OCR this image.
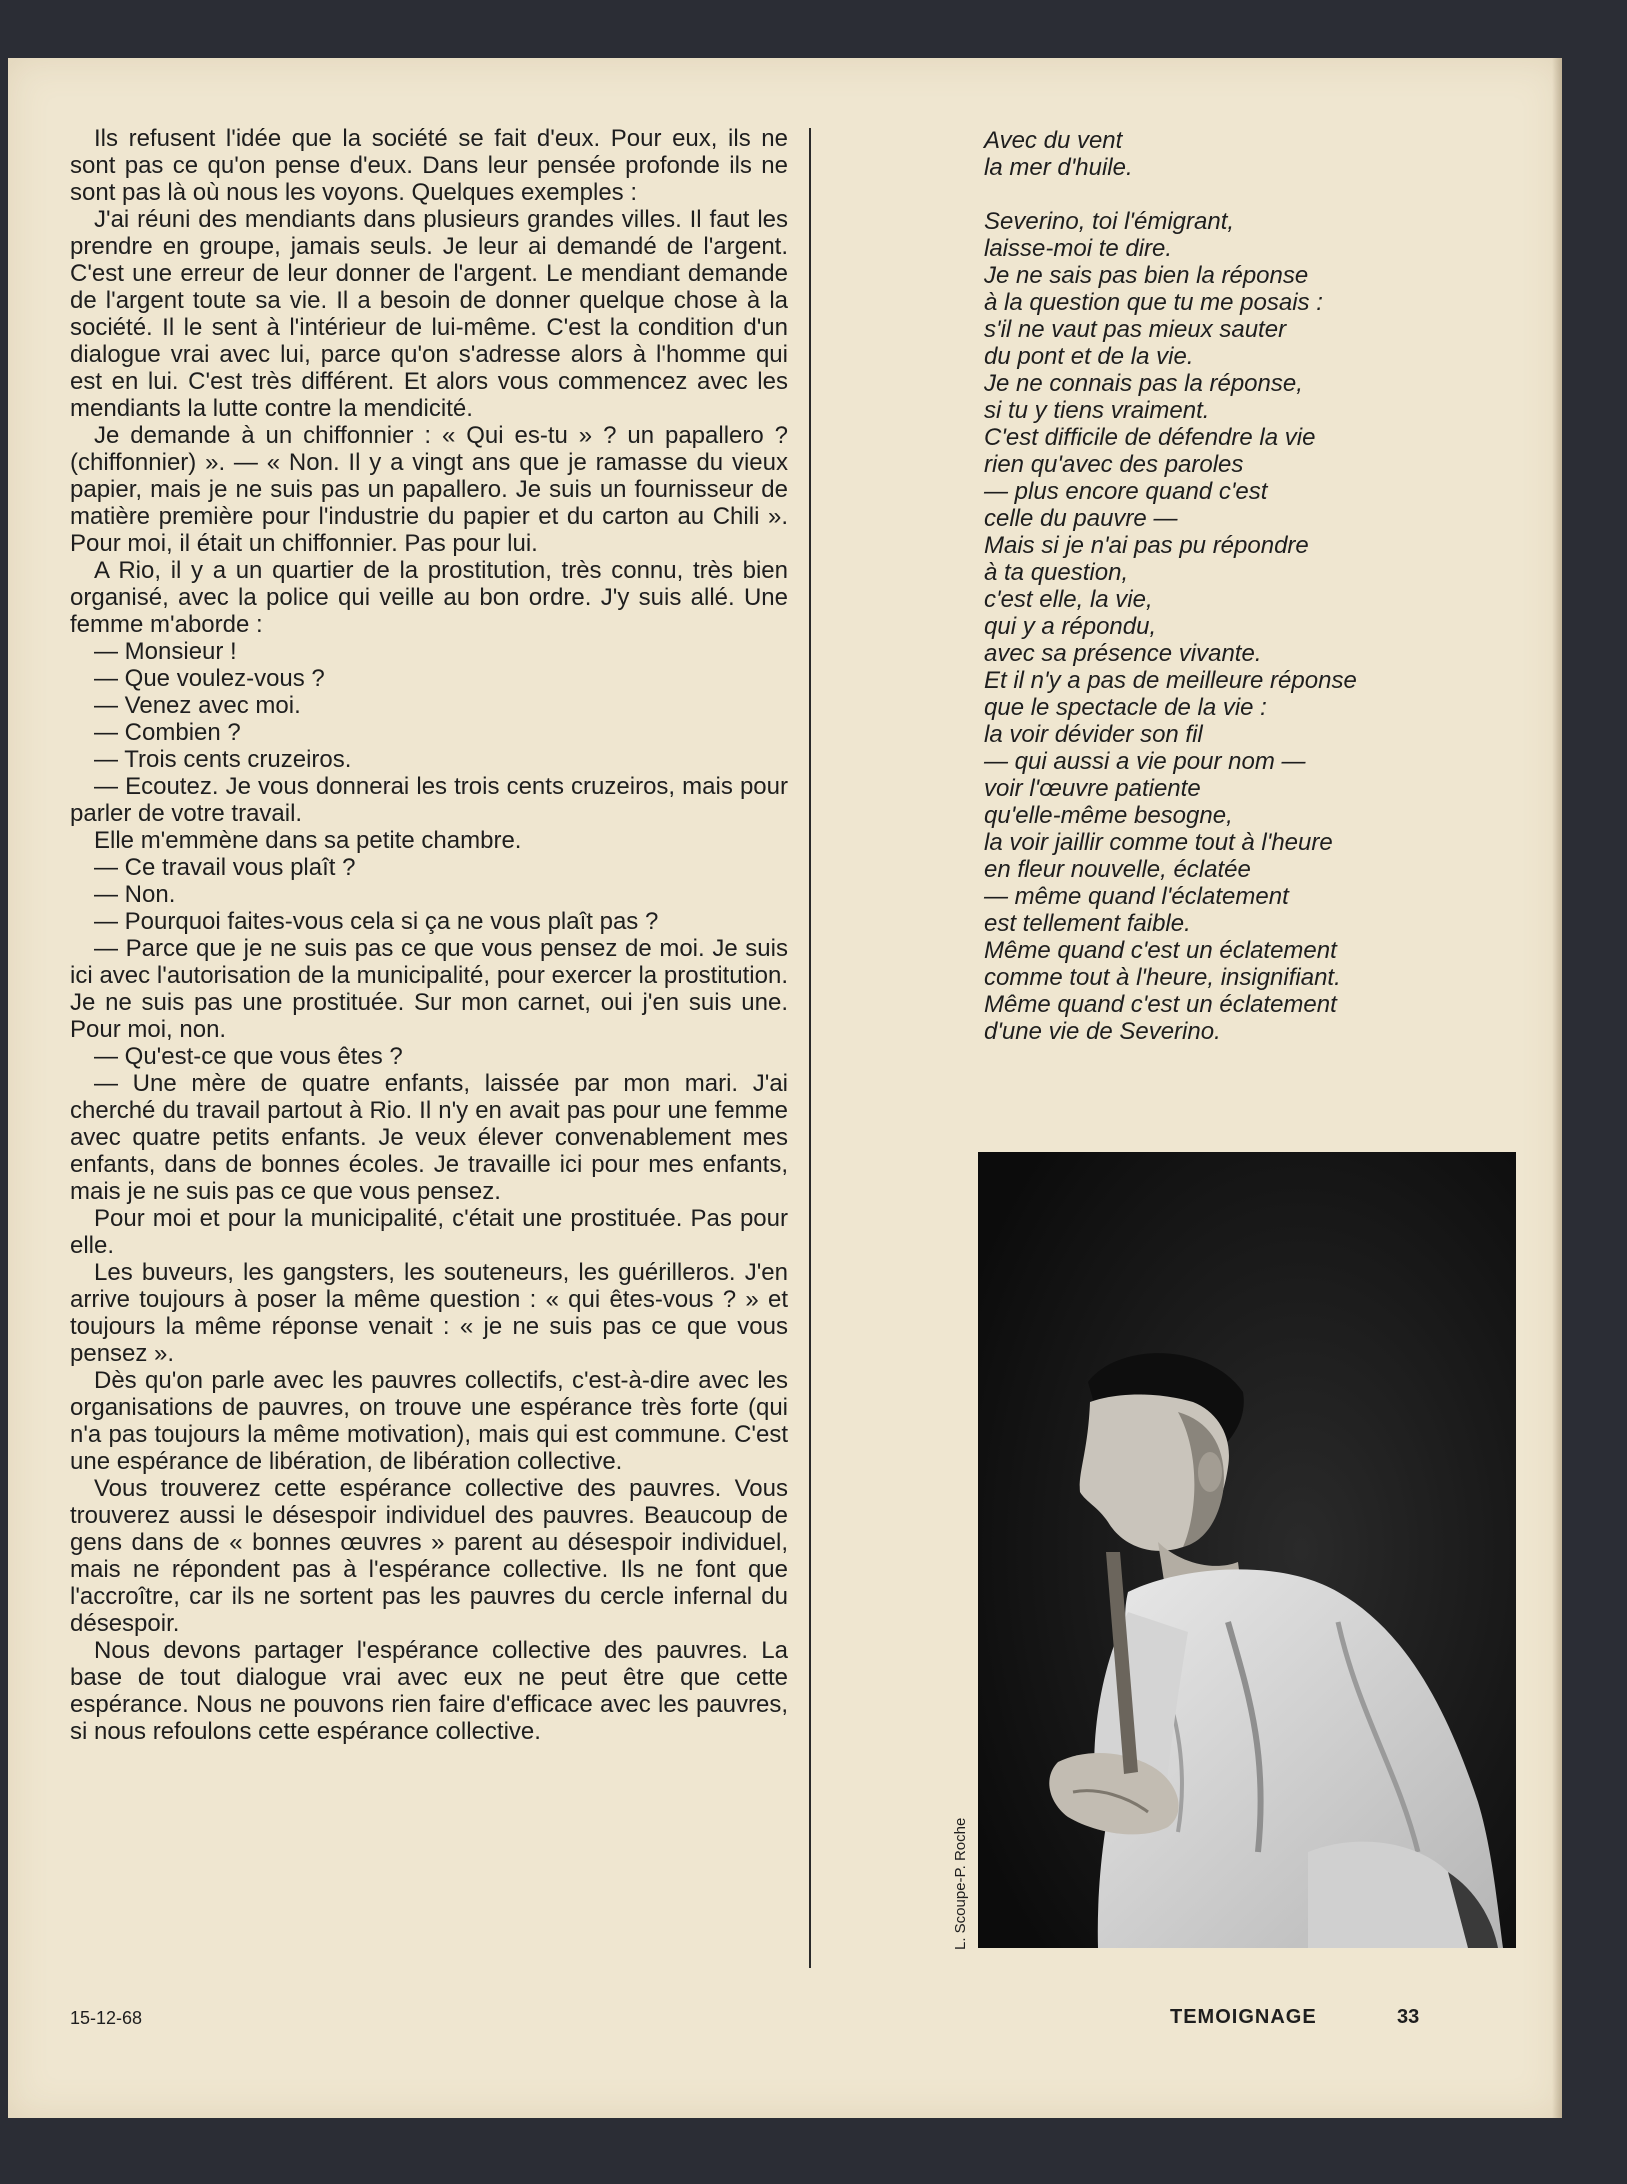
Ils refusent l'idée que la société se fait d'eux. Pour eux, ils ne sont pas ce qu'on pense d'eux. Dans leur pensée profonde ils ne sont pas là où nous les voyons. Quelques exemples :

J'ai réuni des mendiants dans plusieurs grandes villes. Il faut les prendre en groupe, jamais seuls. Je leur ai demandé de l'argent. C'est une erreur de leur donner de l'argent. Le mendiant demande de l'argent toute sa vie. Il a besoin de donner quelque chose à la société. Il le sent à l'intérieur de lui-même. C'est la condition d'un dialogue vrai avec lui, parce qu'on s'adresse alors à l'homme qui est en lui. C'est très différent. Et alors vous commencez avec les mendiants la lutte contre la mendicité.

Je demande à un chiffonnier : « Qui es-tu » ? un papallero ? (chiffonnier) ». — « Non. Il y a vingt ans que je ramasse du vieux papier, mais je ne suis pas un papallero. Je suis un fournisseur de matière première pour l'industrie du papier et du carton au Chili ». Pour moi, il était un chiffonnier. Pas pour lui.

A Rio, il y a un quartier de la prostitution, très connu, très bien organisé, avec la police qui veille au bon ordre. J'y suis allé. Une femme m'aborde :

— Monsieur !

— Que voulez-vous ?

— Venez avec moi.

— Combien ?

— Trois cents cruzeiros.

— Ecoutez. Je vous donnerai les trois cents cruzeiros, mais pour parler de votre travail.

Elle m'emmène dans sa petite chambre.

— Ce travail vous plaît ?

— Non.

— Pourquoi faites-vous cela si ça ne vous plaît pas ?

— Parce que je ne suis pas ce que vous pensez de moi. Je suis ici avec l'autorisation de la municipalité, pour exercer la prostitution. Je ne suis pas une prostituée. Sur mon carnet, oui j'en suis une. Pour moi, non.

— Qu'est-ce que vous êtes ?

— Une mère de quatre enfants, laissée par mon mari. J'ai cherché du travail partout à Rio. Il n'y en avait pas pour une femme avec quatre petits enfants. Je veux élever convenablement mes enfants, dans de bonnes écoles. Je travaille ici pour mes enfants, mais je ne suis pas ce que vous pensez.

Pour moi et pour la municipalité, c'était une prostituée. Pas pour elle.

Les buveurs, les gangsters, les souteneurs, les guérilleros. J'en arrive toujours à poser la même question : « qui êtes-vous ? » et toujours la même réponse venait : « je ne suis pas ce que vous pensez ».

Dès qu'on parle avec les pauvres collectifs, c'est-à-dire avec les organisations de pauvres, on trouve une espérance très forte (qui n'a pas toujours la même motivation), mais qui est commune. C'est une espérance de libération, de libération collective.

Vous trouverez cette espérance collective des pauvres. Vous trouverez aussi le désespoir individuel des pauvres. Beaucoup de gens dans de « bonnes œuvres » parent au désespoir individuel, mais ne répondent pas à l'espérance collective. Ils ne font que l'accroître, car ils ne sortent pas les pauvres du cercle infernal du désespoir.

Nous devons partager l'espérance collective des pauvres. La base de tout dialogue vrai avec eux ne peut être que cette espérance. Nous ne pouvons rien faire d'efficace avec les pauvres, si nous refoulons cette espérance collective.

Avec du vent
la mer d'huile.
Severino, toi l'émigrant,
laisse-moi te dire.
Je ne sais pas bien la réponse
à la question que tu me posais :
s'il ne vaut pas mieux sauter
du pont et de la vie.
Je ne connais pas la réponse,
si tu y tiens vraiment.
C'est difficile de défendre la vie
rien qu'avec des paroles
— plus encore quand c'est
celle du pauvre —
Mais si je n'ai pas pu répondre
à ta question,
c'est elle, la vie,
qui y a répondu,
avec sa présence vivante.
Et il n'y a pas de meilleure réponse
que le spectacle de la vie :
la voir dévider son fil
— qui aussi a vie pour nom —
voir l'œuvre patiente
qu'elle-même besogne,
la voir jaillir comme tout à l'heure
en fleur nouvelle, éclatée
— même quand l'éclatement
est tellement faible.
Même quand c'est un éclatement
comme tout à l'heure, insignifiant.
Même quand c'est un éclatement
d'une vie de Severino.
L. Scoupe-P. Roche
15-12-68	TEMOIGNAGE	33
